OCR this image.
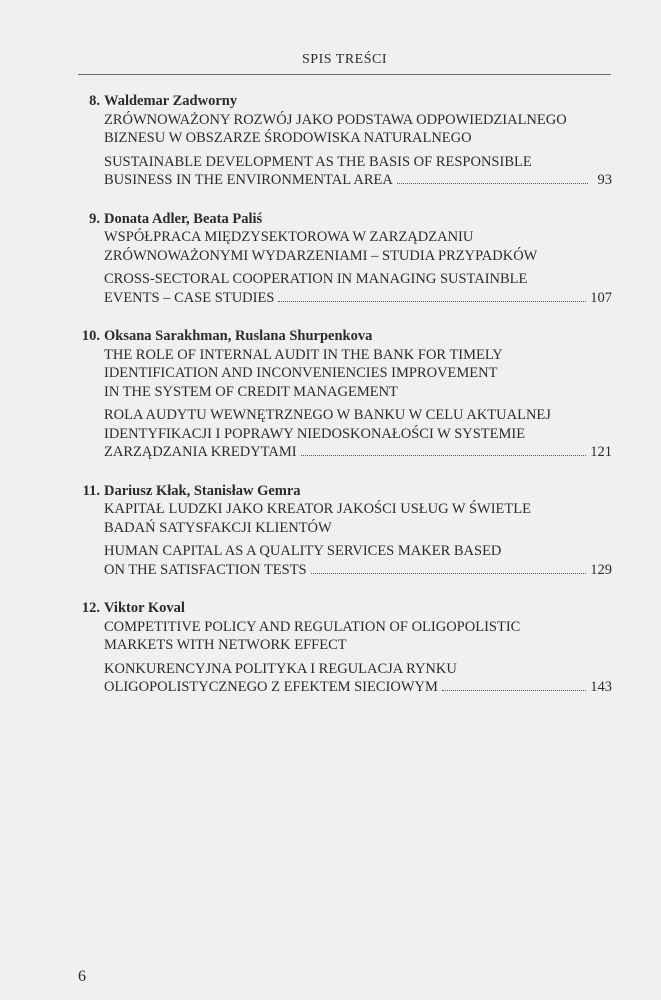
SPIS TREŚCI
8. Waldemar Zadworny
ZRÓWNOWAŻONY ROZWÓJ JAKO PODSTAWA ODPOWIEDZIALNEGO
BIZNESU W OBSZARZE ŚRODOWISKA NATURALNEGO
SUSTAINABLE DEVELOPMENT AS THE BASIS OF RESPONSIBLE
BUSINESS IN THE ENVIRONMENTAL AREA	93
9. Donata Adler, Beata Paliś
WSPÓŁPRACA MIĘDZYSEKTOROWA W ZARZĄDZANIU
ZRÓWNOWAŻONYMI WYDARZENIAMI – STUDIA PRZYPADKÓW
CROSS-SECTORAL COOPERATION IN MANAGING SUSTAINBLE
EVENTS – CASE STUDIES	107
10. Oksana Sarakhman, Ruslana Shurpenkova
THE ROLE OF INTERNAL AUDIT IN THE BANK FOR TIMELY
IDENTIFICATION AND INCONVENIENCIES IMPROVEMENT
IN THE SYSTEM OF CREDIT MANAGEMENT
ROLA AUDYTU WEWNĘTRZNEGO W BANKU W CELU AKTUALNEJ
IDENTYFIKACJI I POPRAWY NIEDOSKONAŁOŚCI W SYSTEMIE
ZARZĄDZANIA KREDYTAMI	121
11. Dariusz Kłak, Stanisław Gemra
KAPITAŁ LUDZKI JAKO KREATOR JAKOŚCI USŁUG W ŚWIETLE
BADAŃ SATYSFAKCJI KLIENTÓW
HUMAN CAPITAL AS A QUALITY SERVICES MAKER BASED
ON THE SATISFACTION TESTS	129
12. Viktor Koval
COMPETITIVE POLICY AND REGULATION OF OLIGOPOLISTIC
MARKETS WITH NETWORK EFFECT
KONKURENCYJNA POLITYKA I REGULACJA RYNKU
OLIGOPOLISTYCZNEGO Z EFEKTEM SIECIOWYM	143
6
